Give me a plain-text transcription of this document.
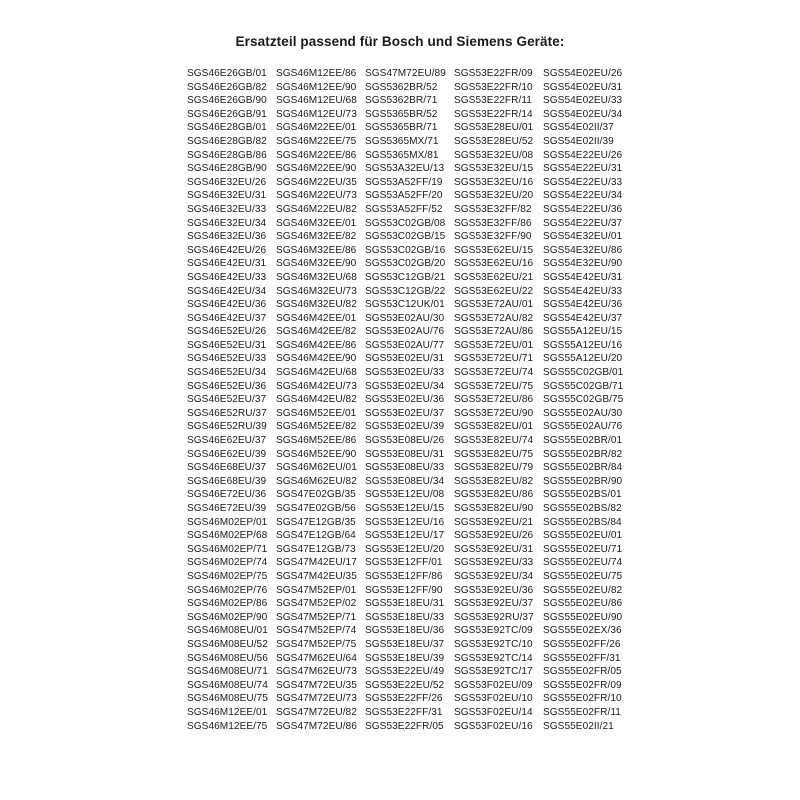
Ersatzteil passend für Bosch und Siemens Geräte:
SGS46E26GB/01
SGS46E26GB/82
SGS46E26GB/90
SGS46E26GB/91
SGS46E28GB/01
SGS46E28GB/82
SGS46E28GB/86
SGS46E28GB/90
SGS46E32EU/26
SGS46E32EU/31
SGS46E32EU/33
SGS46E32EU/34
SGS46E32EU/36
SGS46E42EU/26
SGS46E42EU/31
SGS46E42EU/33
SGS46E42EU/34
SGS46E42EU/36
SGS46E42EU/37
SGS46E52EU/26
SGS46E52EU/31
SGS46E52EU/33
SGS46E52EU/34
SGS46E52EU/36
SGS46E52EU/37
SGS46E52RU/37
SGS46E52RU/39
SGS46E62EU/37
SGS46E62EU/39
SGS46E68EU/37
SGS46E68EU/39
SGS46E72EU/36
SGS46E72EU/39
SGS46M02EP/01
SGS46M02EP/68
SGS46M02EP/71
SGS46M02EP/74
SGS46M02EP/75
SGS46M02EP/76
SGS46M02EP/86
SGS46M02EP/90
SGS46M08EU/01
SGS46M08EU/52
SGS46M08EU/56
SGS46M08EU/71
SGS46M08EU/74
SGS46M08EU/75
SGS46M12EE/01
SGS46M12EE/75
SGS46M12EE/86
SGS46M12EE/90
SGS46M12EU/68
SGS46M12EU/73
SGS46M22EE/01
SGS46M22EE/75
SGS46M22EE/86
SGS46M22EE/90
SGS46M22EU/35
SGS46M22EU/73
SGS46M22EU/82
SGS46M32EE/01
SGS46M32EE/82
SGS46M32EE/86
SGS46M32EE/90
SGS46M32EU/68
SGS46M32EU/73
SGS46M32EU/82
SGS46M42EE/01
SGS46M42EE/82
SGS46M42EE/86
SGS46M42EE/90
SGS46M42EU/68
SGS46M42EU/73
SGS46M42EU/82
SGS46M52EE/01
SGS46M52EE/82
SGS46M52EE/86
SGS46M52EE/90
SGS46M62EU/01
SGS46M62EU/82
SGS47E02GB/35
SGS47E02GB/56
SGS47E12GB/35
SGS47E12GB/64
SGS47E12GB/73
SGS47M42EU/17
SGS47M42EU/35
SGS47M52EP/01
SGS47M52EP/02
SGS47M52EP/71
SGS47M52EP/74
SGS47M52EP/75
SGS47M62EU/64
SGS47M62EU/73
SGS47M72EU/35
SGS47M72EU/73
SGS47M72EU/82
SGS47M72EU/86
SGS47M72EU/89
SGS5362BR/52
SGS5362BR/71
SGS5365BR/52
SGS5365BR/71
SGS5365MX/71
SGS5365MX/81
SGS53A32EU/13
SGS53A52FF/19
SGS53A52FF/20
SGS53A52FF/52
SGS53C02GB/08
SGS53C02GB/15
SGS53C02GB/16
SGS53C02GB/20
SGS53C12GB/21
SGS53C12GB/22
SGS53C12UK/01
SGS53E02AU/30
SGS53E02AU/76
SGS53E02AU/77
SGS53E02EU/31
SGS53E02EU/33
SGS53E02EU/34
SGS53E02EU/36
SGS53E02EU/37
SGS53E02EU/39
SGS53E08EU/26
SGS53E08EU/31
SGS53E08EU/33
SGS53E08EU/34
SGS53E12EU/08
SGS53E12EU/15
SGS53E12EU/16
SGS53E12EU/17
SGS53E12EU/20
SGS53E12FF/01
SGS53E12FF/86
SGS53E12FF/90
SGS53E18EU/31
SGS53E18EU/33
SGS53E18EU/36
SGS53E18EU/37
SGS53E18EU/39
SGS53E22EU/49
SGS53E22EU/52
SGS53E22FF/26
SGS53E22FF/31
SGS53E22FR/05
SGS53E22FR/09
SGS53E22FR/10
SGS53E22FR/11
SGS53E22FR/14
SGS53E28EU/01
SGS53E28EU/52
SGS53E32EU/08
SGS53E32EU/15
SGS53E32EU/16
SGS53E32EU/20
SGS53E32FF/82
SGS53E32FF/86
SGS53E32FF/90
SGS53E62EU/15
SGS53E62EU/16
SGS53E62EU/21
SGS53E62EU/22
SGS53E72AU/01
SGS53E72AU/82
SGS53E72AU/86
SGS53E72EU/01
SGS53E72EU/71
SGS53E72EU/74
SGS53E72EU/75
SGS53E72EU/86
SGS53E72EU/90
SGS53E82EU/01
SGS53E82EU/74
SGS53E82EU/75
SGS53E82EU/79
SGS53E82EU/82
SGS53E82EU/86
SGS53E82EU/90
SGS53E92EU/21
SGS53E92EU/26
SGS53E92EU/31
SGS53E92EU/33
SGS53E92EU/34
SGS53E92EU/36
SGS53E92EU/37
SGS53E92RU/37
SGS53E92TC/09
SGS53E92TC/10
SGS53E92TC/14
SGS53E92TC/17
SGS53F02EU/09
SGS53F02EU/10
SGS53F02EU/14
SGS53F02EU/16
SGS54E02EU/26
SGS54E02EU/31
SGS54E02EU/33
SGS54E02EU/34
SGS54E02II/37
SGS54E02II/39
SGS54E22EU/26
SGS54E22EU/31
SGS54E22EU/33
SGS54E22EU/34
SGS54E22EU/36
SGS54E22EU/37
SGS54E32EU/01
SGS54E32EU/86
SGS54E32EU/90
SGS54E42EU/31
SGS54E42EU/33
SGS54E42EU/36
SGS54E42EU/37
SGS55A12EU/15
SGS55A12EU/16
SGS55A12EU/20
SGS55C02GB/01
SGS55C02GB/71
SGS55C02GB/75
SGS55E02AU/30
SGS55E02AU/76
SGS55E02BR/01
SGS55E02BR/82
SGS55E02BR/84
SGS55E02BR/90
SGS55E02BS/01
SGS55E02BS/82
SGS55E02BS/84
SGS55E02EU/01
SGS55E02EU/71
SGS55E02EU/74
SGS55E02EU/75
SGS55E02EU/82
SGS55E02EU/86
SGS55E02EU/90
SGS55E02EX/36
SGS55E02FF/26
SGS55E02FF/31
SGS55E02FR/05
SGS55E02FR/09
SGS55E02FR/10
SGS55E02FR/11
SGS55E02II/21
